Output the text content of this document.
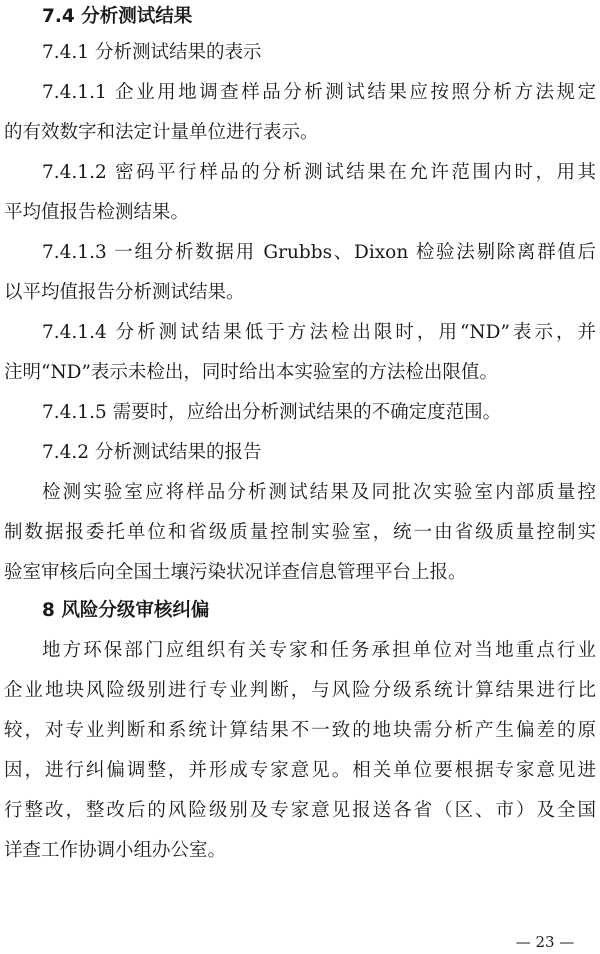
7.4 分析测试结果
7.4.1 分析测试结果的表示
7.4.1.1 企业用地调查样品分析测试结果应按照分析方法规定
的有效数字和法定计量单位进行表示。
7.4.1.2 密码平行样品的分析测试结果在允许范围内时，用其
平均值报告检测结果。
7.4.1.3 一组分析数据用 Grubbs、Dixon 检验法剔除离群值后
以平均值报告分析测试结果。
7.4.1.4 分析测试结果低于方法检出限时，用“ND”表示，并
注明“ND”表示未检出，同时给出本实验室的方法检出限值。
7.4.1.5 需要时，应给出分析测试结果的不确定度范围。
7.4.2 分析测试结果的报告
检测实验室应将样品分析测试结果及同批次实验室内部质量控
制数据报委托单位和省级质量控制实验室，统一由省级质量控制实
验室审核后向全国土壤污染状况详查信息管理平台上报。
8 风险分级审核纠偏
地方环保部门应组织有关专家和任务承担单位对当地重点行业
企业地块风险级别进行专业判断，与风险分级系统计算结果进行比
较，对专业判断和系统计算结果不一致的地块需分析产生偏差的原
因，进行纠偏调整，并形成专家意见。相关单位要根据专家意见进
行整改，整改后的风险级别及专家意见报送各省（区、市）及全国
详查工作协调小组办公室。
— 23 —
